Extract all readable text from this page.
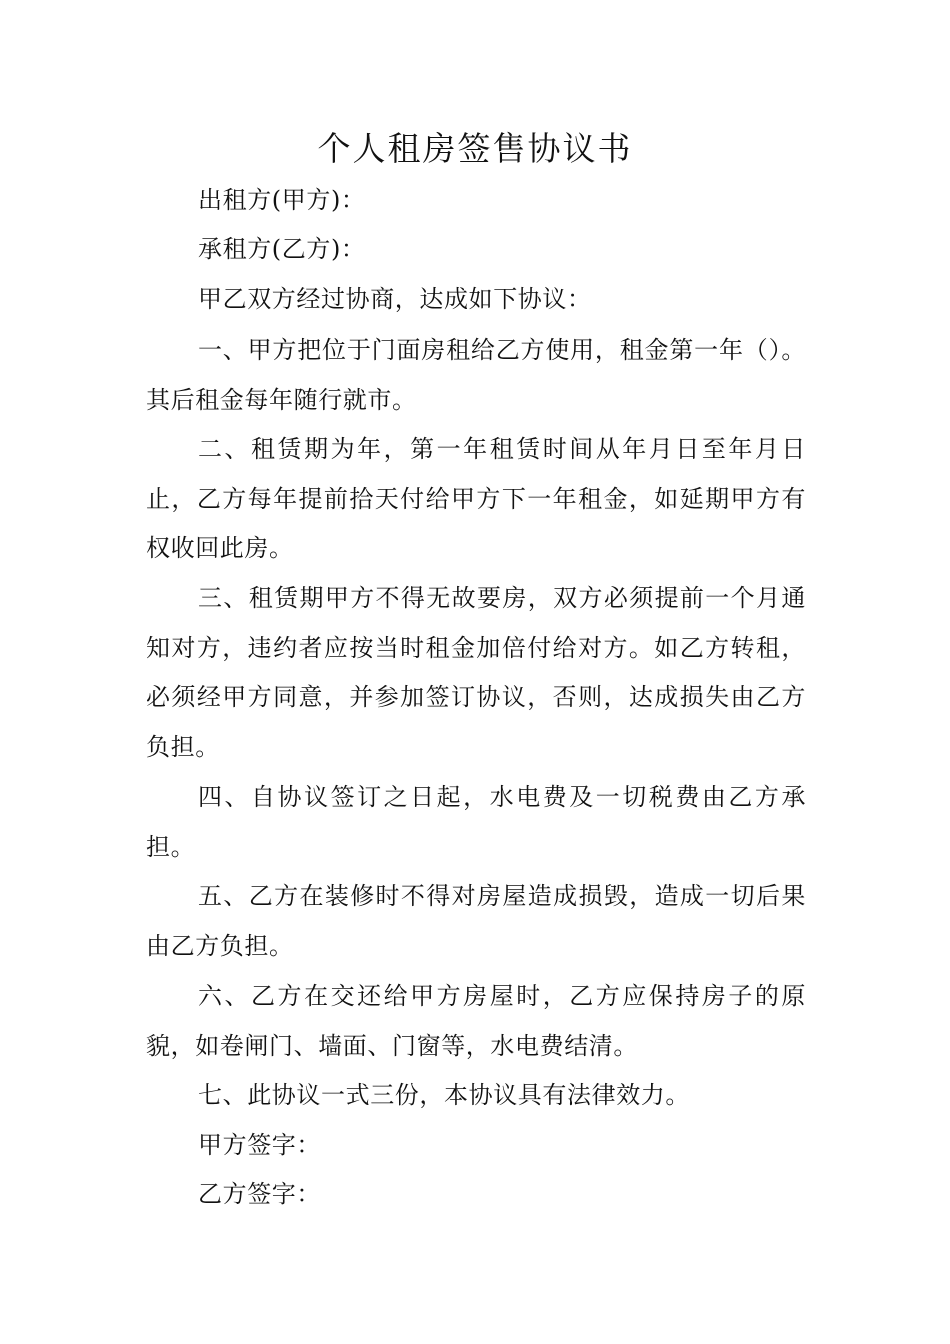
个人租房签售协议书

出租方(甲方)：

承租方(乙方)：

甲乙双方经过协商，达成如下协议：

一、甲方把位于门面房租给乙方使用，租金第一年（）。其后租金每年随行就市。

二、租赁期为年，第一年租赁时间从年月日至年月日止，乙方每年提前拾天付给甲方下一年租金，如延期甲方有权收回此房。

三、租赁期甲方不得无故要房，双方必须提前一个月通知对方，违约者应按当时租金加倍付给对方。如乙方转租，必须经甲方同意，并参加签订协议，否则，达成损失由乙方负担。

四、自协议签订之日起，水电费及一切税费由乙方承担。

五、乙方在装修时不得对房屋造成损毁，造成一切后果由乙方负担。

六、乙方在交还给甲方房屋时，乙方应保持房子的原貌，如卷闸门、墙面、门窗等，水电费结清。

七、此协议一式三份，本协议具有法律效力。

甲方签字：

乙方签字：
